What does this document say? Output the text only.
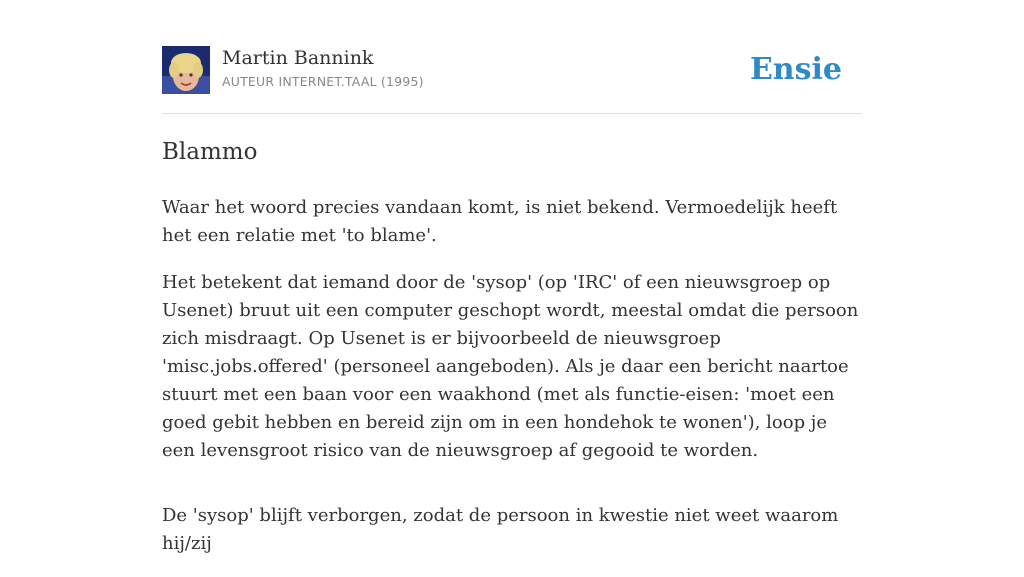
Martin Bannink
AUTEUR INTERNET.TAAL (1995)	Ensie
Blammo

Waar het woord precies vandaan komt, is niet bekend. Vermoedelijk heeft het een relatie met 'to blame'.

Het betekent dat iemand door de 'sysop' (op 'IRC' of een nieuwsgroep op Usenet) bruut uit een computer geschopt wordt, meestal omdat die persoon zich misdraagt. Op Usenet is er bijvoorbeeld de nieuwsgroep 'misc.jobs.offered' (personeel aangeboden). Als je daar een bericht naartoe stuurt met een baan voor een waakhond (met als functie-eisen: 'moet een goed gebit hebben en bereid zijn om in een hondehok te wonen'), loop je een levensgroot risico van de nieuwsgroep af gegooid te worden.

De 'sysop' blijft verborgen, zodat de persoon in kwestie niet weet waarom hij/zij
